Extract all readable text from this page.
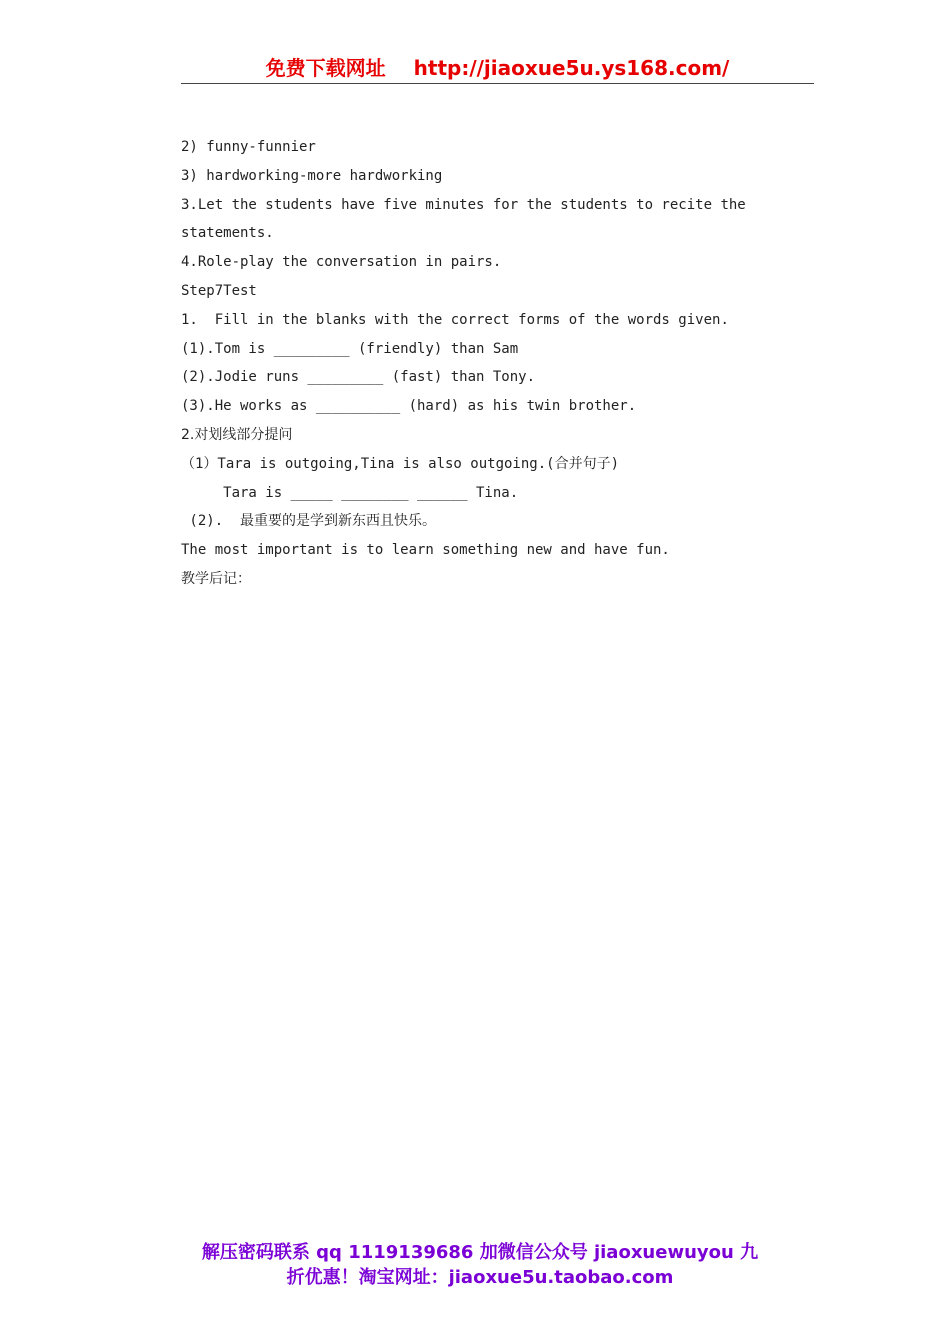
免费下载网址 http://jiaoxue5u.ys168.com/
2) funny-funnier
3) hardworking-more hardworking
3.Let the students have five minutes for the students to recite the
statements.
4.Role-play the conversation in pairs.
Step7Test
1.  Fill in the blanks with the correct forms of the words given.
(1).Tom is _________ (friendly) than Sam
(2).Jodie runs _________ (fast) than Tony.
(3).He works as __________ (hard) as his twin brother.
2.对划线部分提问
（1）Tara is outgoing,Tina is also outgoing.(合并句子)
Tara is _____ ________ ______ Tina.
(2).  最重要的是学到新东西且快乐。
The most important is to learn something new and have fun.
教学后记：
解压密码联系 qq 1119139686 加微信公众号 jiaoxuewuyou 九
折优惠！淘宝网址：jiaoxue5u.taobao.com
